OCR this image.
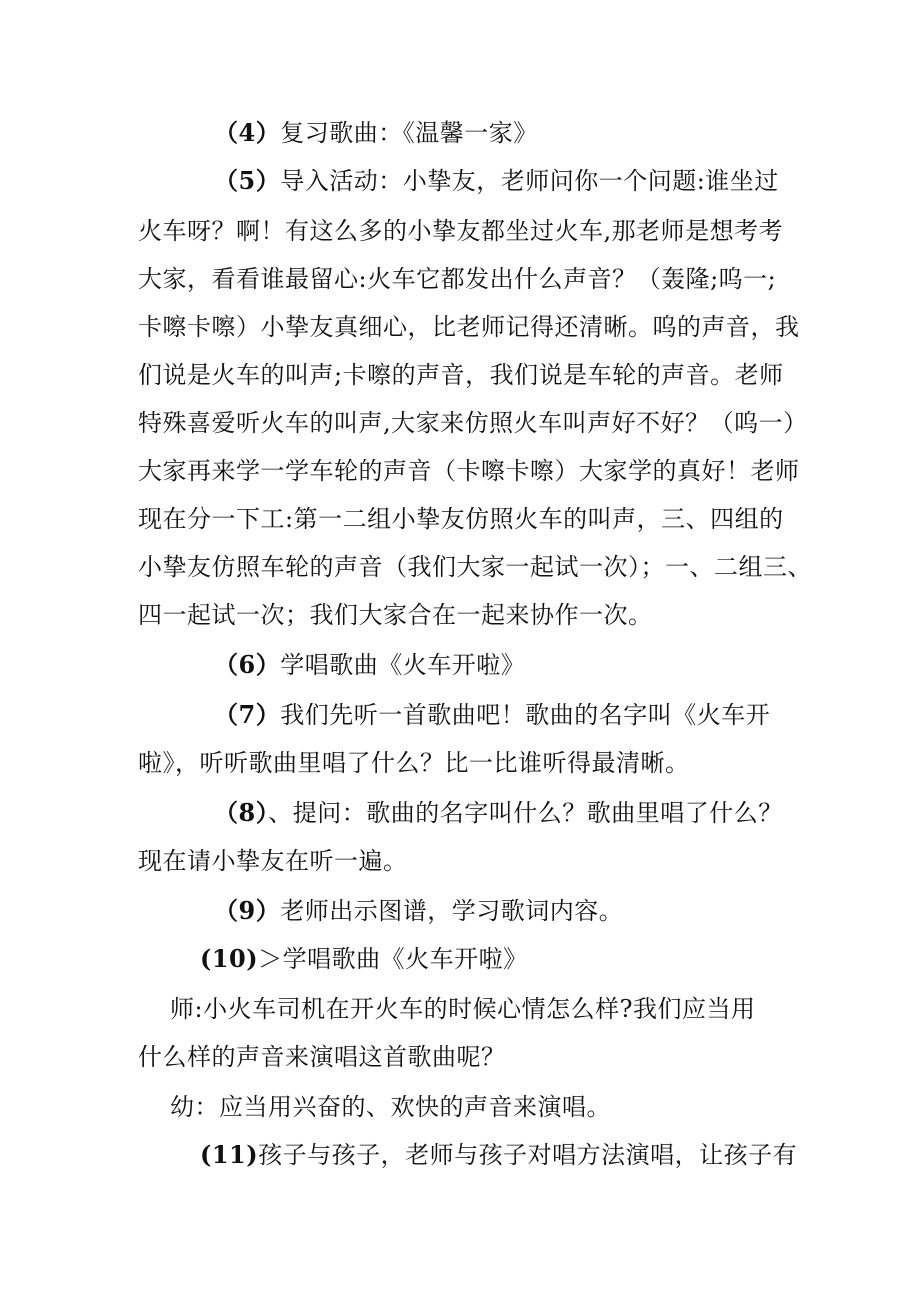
（4）复习歌曲：《温馨一家》
（5）导入活动：小挚友，老师问你一个问题:谁坐过
火车呀？啊！有这么多的小挚友都坐过火车,那老师是想考考
大家，看看谁最留心:火车它都发出什么声音？（轰隆;呜一;
卡嚓卡嚓）小挚友真细心，比老师记得还清晰。呜的声音，我
们说是火车的叫声;卡嚓的声音，我们说是车轮的声音。老师
特殊喜爱听火车的叫声,大家来仿照火车叫声好不好？（呜一）
大家再来学一学车轮的声音（卡嚓卡嚓）大家学的真好！老师
现在分一下工:第一二组小挚友仿照火车的叫声，三、四组的
小挚友仿照车轮的声音（我们大家一起试一次）；一、二组三、
四一起试一次；我们大家合在一起来协作一次。
（6）学唱歌曲《火车开啦》
（7）我们先听一首歌曲吧！歌曲的名字叫《火车开
啦》，听听歌曲里唱了什么？比一比谁听得最清晰。
（8）、提问：歌曲的名字叫什么？歌曲里唱了什么？
现在请小挚友在听一遍。
（9）老师出示图谱，学习歌词内容。
(10)＞学唱歌曲《火车开啦》
师:小火车司机在开火车的时候心情怎么样?我们应当用
什么样的声音来演唱这首歌曲呢？
幼：应当用兴奋的、欢快的声音来演唱。
(11)孩子与孩子，老师与孩子对唱方法演唱，让孩子有
